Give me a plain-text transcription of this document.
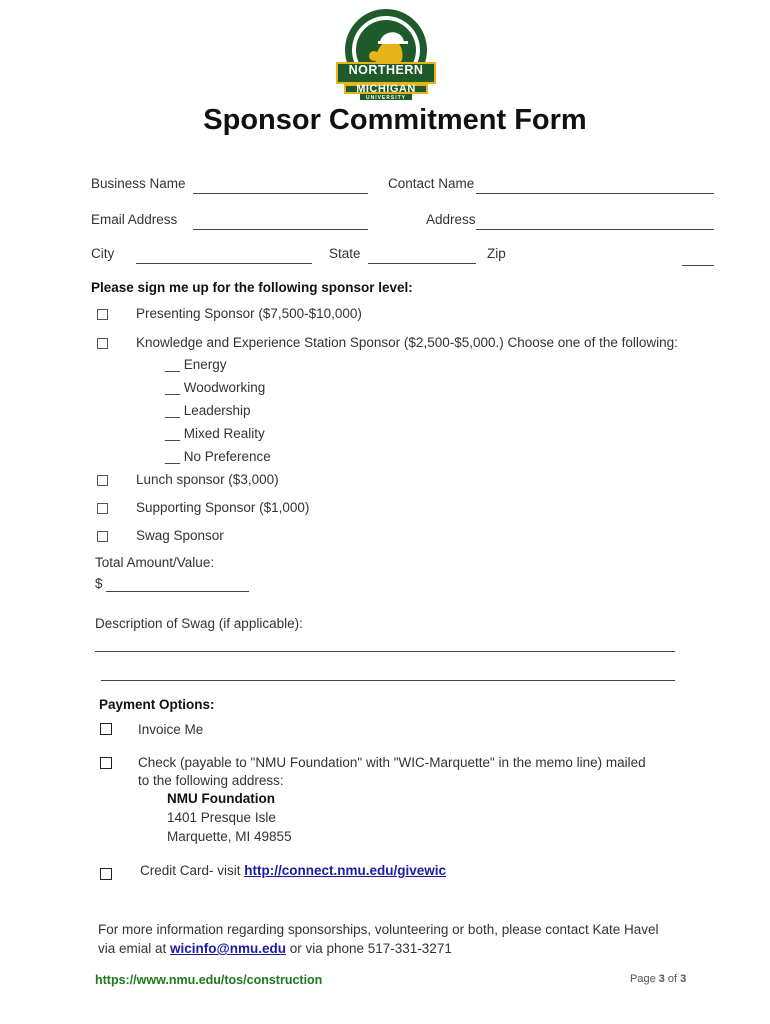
NORTHERN
MICHIGAN
UNIVERSITY
Sponsor Commitment Form
Business Name	Contact Name
Email Address	Address
City	State	Zip
Please sign me up for the following sponsor level:
Presenting Sponsor ($7,500-$10,000)
Knowledge and Experience Station Sponsor ($2,500-$5,000.) Choose one of the following:
__ Energy
__ Woodworking
__ Leadership
__ Mixed Reality
__ No Preference
Lunch sponsor ($3,000)
Supporting Sponsor ($1,000)
Swag Sponsor
Total Amount/Value:
$
Description of Swag (if applicable):
Payment Options:
Invoice Me
Check (payable to "NMU Foundation" with "WIC-Marquette" in the memo line) mailed
to the following address:
NMU Foundation
1401 Presque Isle
Marquette, MI 49855
Credit Card- visit http://connect.nmu.edu/givewic
For more information regarding sponsorships, volunteering or both, please contact Kate Havel
via emial at wicinfo@nmu.edu or via phone 517-331-3271
https://www.nmu.edu/tos/construction	Page 3 of 3
